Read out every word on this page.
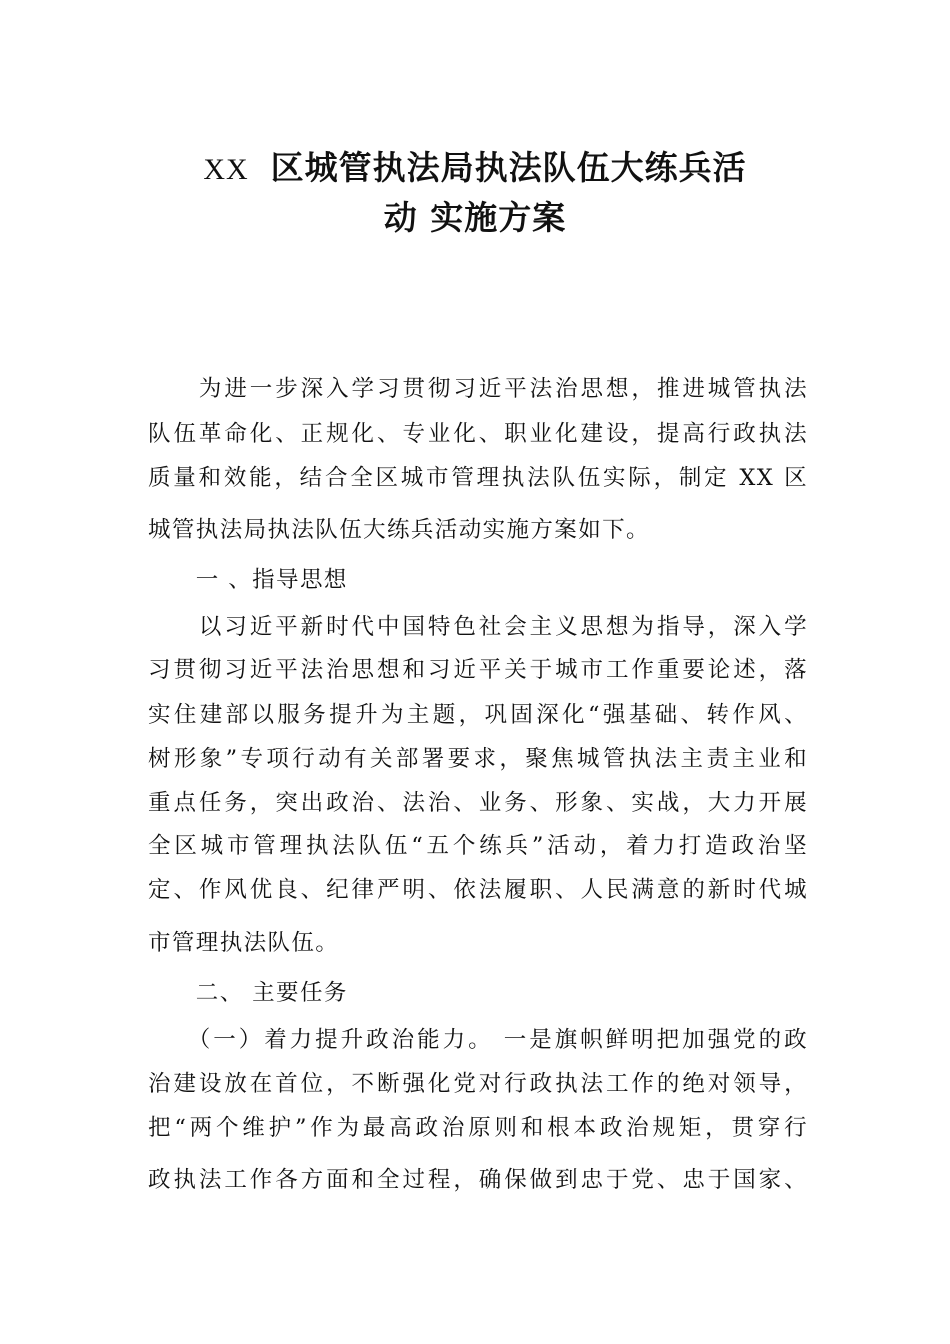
XX 区城管执法局执法队伍大练兵活
动 实施方案
　　为进一步深入学习贯彻习近平法治思想，推进城管执法
队伍革命化、正规化、专业化、职业化建设，提高行政执法
质量和效能，结合全区城市管理执法队伍实际，制定 XX 区
城管执法局执法队伍大练兵活动实施方案如下。
　　一 、指导思想
　　以习近平新时代中国特色社会主义思想为指导，深入学
习贯彻习近平法治思想和习近平关于城市工作重要论述，落
实住建部以服务提升为主题，巩固深化“强基础、转作风、
树形象”专项行动有关部署要求，聚焦城管执法主责主业和
重点任务，突出政治、法治、业务、形象、实战，大力开展
全区城市管理执法队伍“五个练兵”活动，着力打造政治坚
定、作风优良、纪律严明、依法履职、人民满意的新时代城
市管理执法队伍。
　　二、 主要任务
　　（一）着力提升政治能力。 一是旗帜鲜明把加强党的政
治建设放在首位，不断强化党对行政执法工作的绝对领导，
把“两个维护”作为最高政治原则和根本政治规矩，贯穿行
政执法工作各方面和全过程，确保做到忠于党、忠于国家、
